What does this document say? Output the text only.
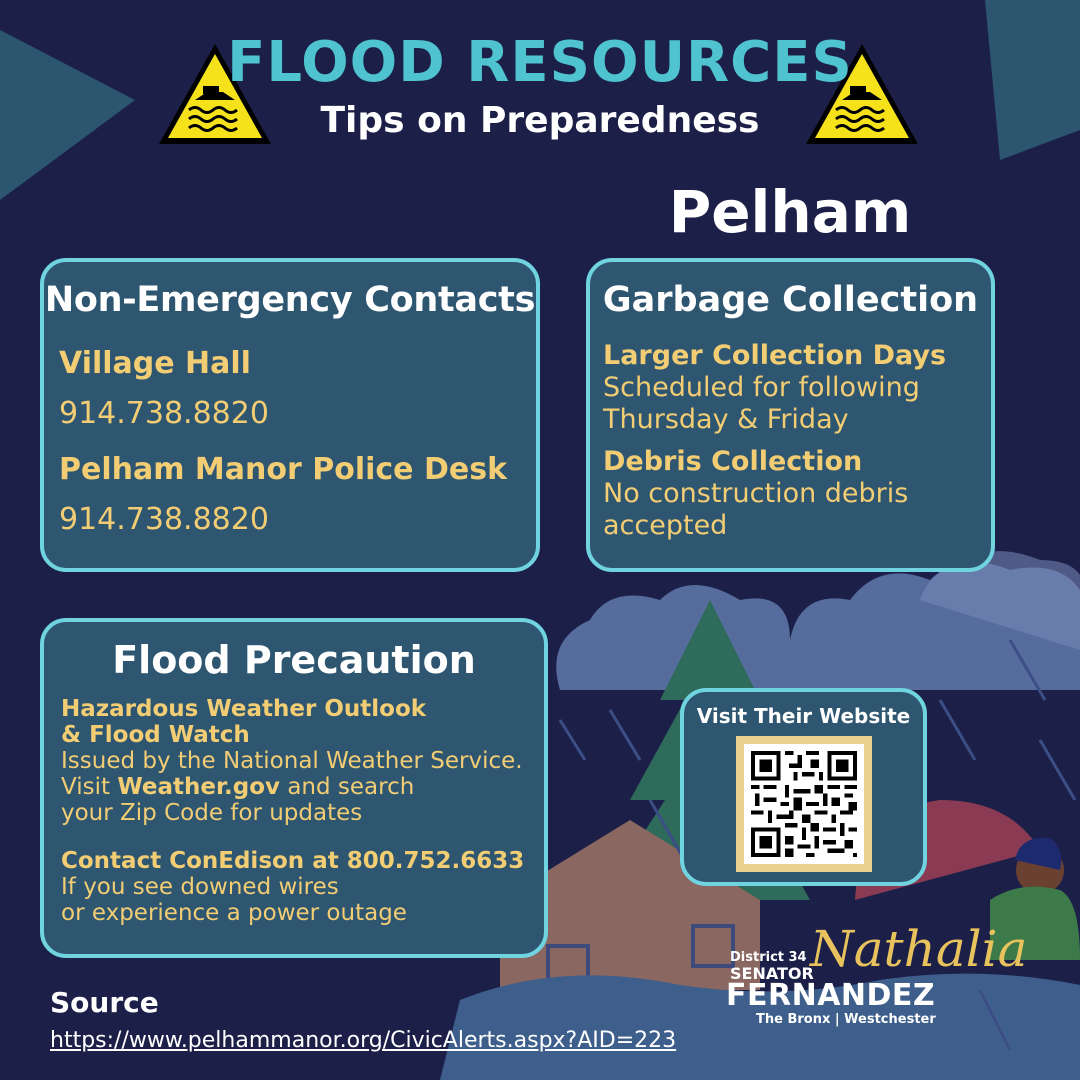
FLOOD RESOURCES
Tips on Preparedness
Pelham
Non-Emergency Contacts
Village Hall
914.738.8820
Pelham Manor Police Desk
914.738.8820
Garbage Collection
Larger Collection Days
Scheduled for following Thursday & Friday
Debris Collection
No construction debris accepted
Flood Precaution
Hazardous Weather Outlook
& Flood Watch
Issued by the National Weather Service.
Visit Weather.gov and search
your Zip Code for updates
Contact ConEdison at 800.752.6633
If you see downed wires
or experience a power outage
Visit Their Website
Source
https://www.pelhammanor.org/CivicAlerts.aspx?AID=223
Nathalia
District 34
SENATOR
FERNANDEZ
The Bronx | Westchester
